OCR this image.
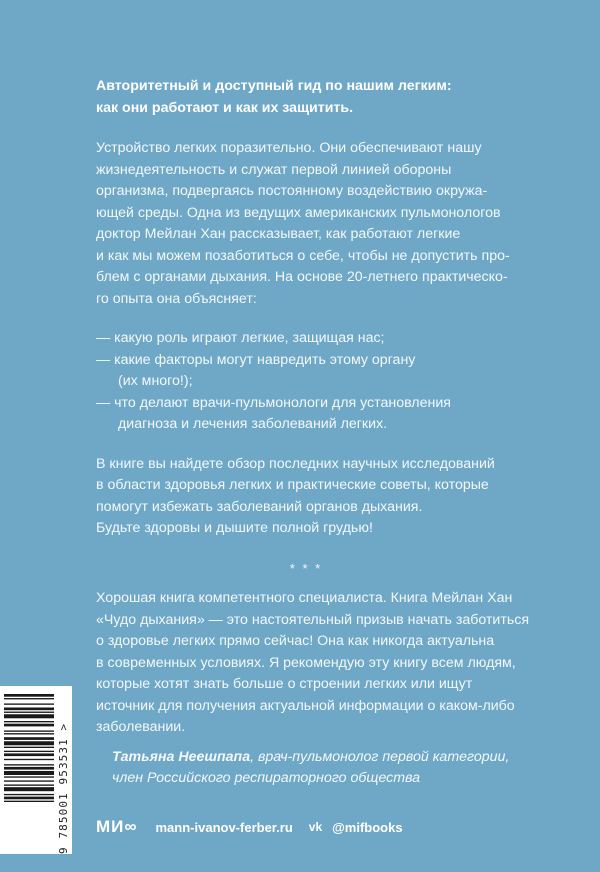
Авторитетный и доступный гид по нашим легким:
как они работают и как их защитить.
Устройство легких поразительно. Они обеспечивают нашу
жизнедеятельность и служат первой линией обороны
организма, подвергаясь постоянному воздействию окружа-
ющей среды. Одна из ведущих американских пульмонологов
доктор Мейлан Хан рассказывает, как работают легкие
и как мы можем позаботиться о себе, чтобы не допустить про-
блем с органами дыхания. На основе 20-летнего практическо-
го опыта она объясняет:
— какую роль играют легкие, защищая нас;
— какие факторы могут навредить этому органу
(их много!);
— что делают врачи-пульмонологи для установления
диагноза и лечения заболеваний легких.
В книге вы найдете обзор последних научных исследований
в области здоровья легких и практические советы, которые
помогут избежать заболеваний органов дыхания.
Будьте здоровы и дышите полной грудью!
* * *
Хорошая книга компетентного специалиста. Книга Мейлан Хан
«Чудо дыхания» — это настоятельный призыв начать заботиться
о здоровье легких прямо сейчас! Она как никогда актуальна
в современных условиях. Я рекомендую эту книгу всем людям,
которые хотят знать больше о строении легких или ищут
источник для получения актуальной информации о каком-либо
заболевании.
Татьяна Неешпапа, врач-пульмонолог первой категории,
член Российского респираторного общества
9 785001 953531 > МИ∞ mann-ivanov-ferber.ru vk @mifbooks
